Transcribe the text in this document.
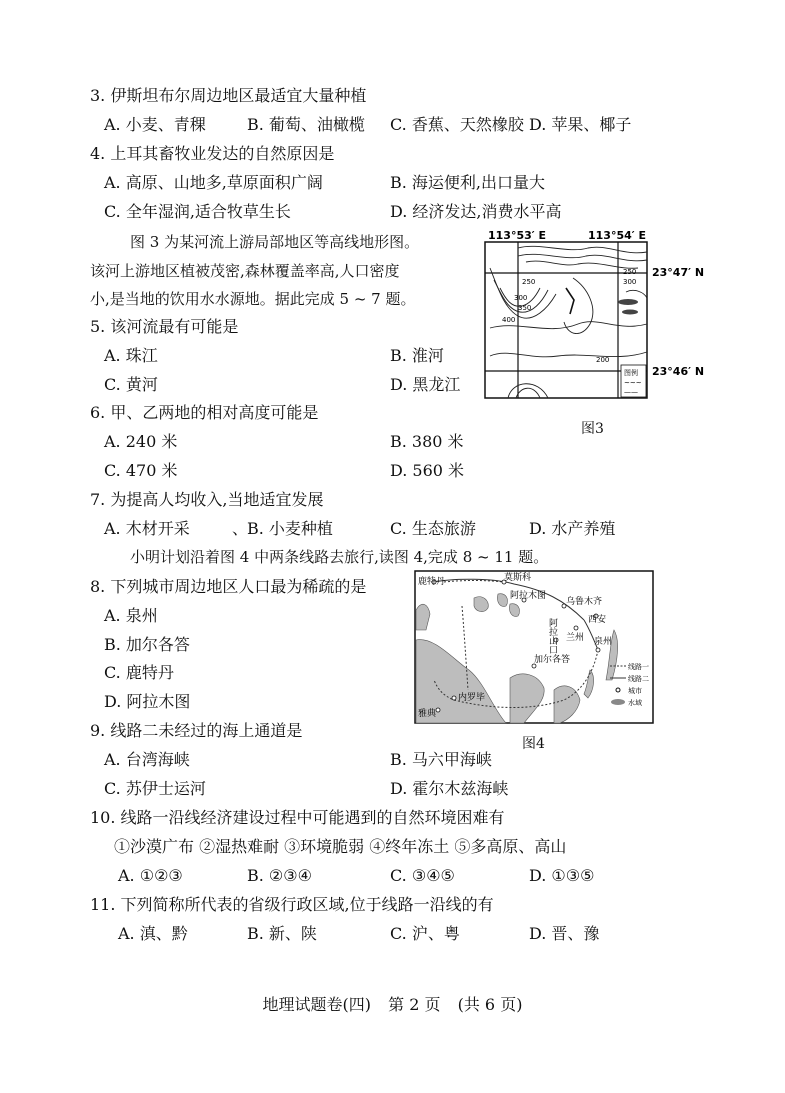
3. 伊斯坦布尔周边地区最适宜大量种植
A. 小麦、青稞	B. 葡萄、油橄榄 C. 香蕉、天然橡胶 D. 苹果、椰子
4. 上耳其畜牧业发达的自然原因是
A. 高原、山地多,草原面积广阔	B. 海运便利,出口量大
C. 全年湿润,适合牧草生长	D. 经济发达,消费水平高
图 3 为某河流上游局部地区等高线地形图。
该河上游地区植被茂密,森林覆盖率高,人口密度
小,是当地的饮用水水源地。据此完成 5 ~ 7 题。
113°53′ E	113°54′ E
250
300
350
400
300
250
200
图例
~~~
——
23°47′ N
23°46′ N
图3
5. 该河流最有可能是
A. 珠江	B. 淮河
C. 黄河	D. 黑龙江
6. 甲、乙两地的相对高度可能是
A. 240 米	B. 380 米
C. 470 米	D. 560 米
7. 为提高人均收入,当地适宜发展
A. 木材开采	、
B. 小麦种植	C. 生态旅游	D. 水产养殖
小明计划沿着图 4 中两条线路去旅行,读图 4,完成 8 ~ 11 题。
鹿特丹	莫斯科
阿拉木图
乌鲁木齐
西安
兰州 泉州
阿拉山口
加尔各答
内罗毕
雅典
线路一
线路二
城市
水域
图4
8. 下列城市周边地区人口最为稀疏的是
A. 泉州
B. 加尔各答
C. 鹿特丹
D. 阿拉木图
9. 线路二未经过的海上通道是
A. 台湾海峡	B. 马六甲海峡
C. 苏伊士运河	D. 霍尔木兹海峡
10. 线路一沿线经济建设过程中可能遇到的自然环境困难有
①沙漠广布 ②湿热难耐 ③环境脆弱 ④终年冻土 ⑤多高原、高山
A. ①②③	B. ②③④	C. ③④⑤	D. ①③⑤
11. 下列简称所代表的省级行政区域,位于线路一沿线的有
A. 滇、黔	B. 新、陕	C. 沪、粤	D. 晋、豫
地理试题卷(四) 第 2 页 (共 6 页)
